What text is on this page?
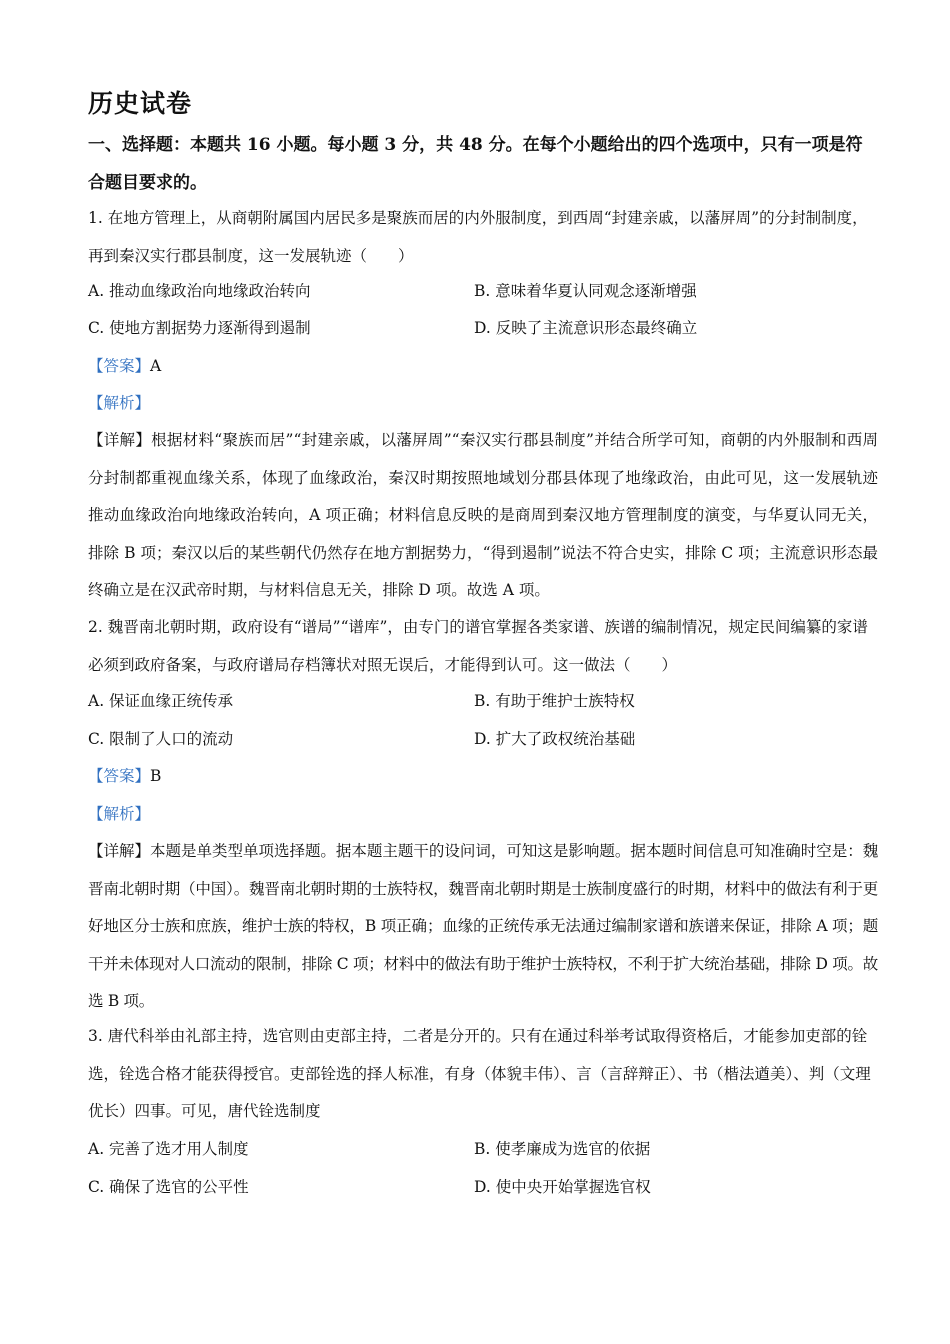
历史试卷
一、选择题：本题共 16 小题。每小题 3 分，共 48 分。在每个小题给出的四个选项中，只有一项是符合题目要求的。
1. 在地方管理上，从商朝附属国内居民多是聚族而居的内外服制度，到西周“封建亲戚，以藩屏周”的分封制制度，再到秦汉实行郡县制度，这一发展轨迹（　　）
A. 推动血缘政治向地缘政治转向	B. 意味着华夏认同观念逐渐增强
C. 使地方割据势力逐渐得到遏制	D. 反映了主流意识形态最终确立
【答案】A
【解析】
【详解】根据材料“聚族而居”“封建亲戚，以藩屏周”“秦汉实行郡县制度”并结合所学可知，商朝的内外服制和西周分封制都重视血缘关系，体现了血缘政治，秦汉时期按照地域划分郡县体现了地缘政治，由此可见，这一发展轨迹推动血缘政治向地缘政治转向，A 项正确；材料信息反映的是商周到秦汉地方管理制度的演变，与华夏认同无关，排除 B 项；秦汉以后的某些朝代仍然存在地方割据势力，“得到遏制”说法不符合史实，排除 C 项；主流意识形态最终确立是在汉武帝时期，与材料信息无关，排除 D 项。故选 A 项。
2. 魏晋南北朝时期，政府设有“谱局”“谱库”，由专门的谱官掌握各类家谱、族谱的编制情况，规定民间编纂的家谱必须到政府备案，与政府谱局存档簿状对照无误后，才能得到认可。这一做法（　　）
A. 保证血缘正统传承	B. 有助于维护士族特权
C. 限制了人口的流动	D. 扩大了政权统治基础
【答案】B
【解析】
【详解】本题是单类型单项选择题。据本题主题干的设问词，可知这是影响题。据本题时间信息可知准确时空是：魏晋南北朝时期（中国）。魏晋南北朝时期的士族特权，魏晋南北朝时期是士族制度盛行的时期，材料中的做法有利于更好地区分士族和庶族，维护士族的特权，B 项正确；血缘的正统传承无法通过编制家谱和族谱来保证，排除 A 项；题干并未体现对人口流动的限制，排除 C 项；材料中的做法有助于维护士族特权，不利于扩大统治基础，排除 D 项。故选 B 项。
3. 唐代科举由礼部主持，选官则由吏部主持，二者是分开的。只有在通过科举考试取得资格后，才能参加吏部的铨选，铨选合格才能获得授官。吏部铨选的择人标准，有身（体貌丰伟）、言（言辞辩正）、书（楷法遒美）、判（文理优长）四事。可见，唐代铨选制度
A. 完善了选才用人制度	B. 使孝廉成为选官的依据
C. 确保了选官的公平性	D. 使中央开始掌握选官权
